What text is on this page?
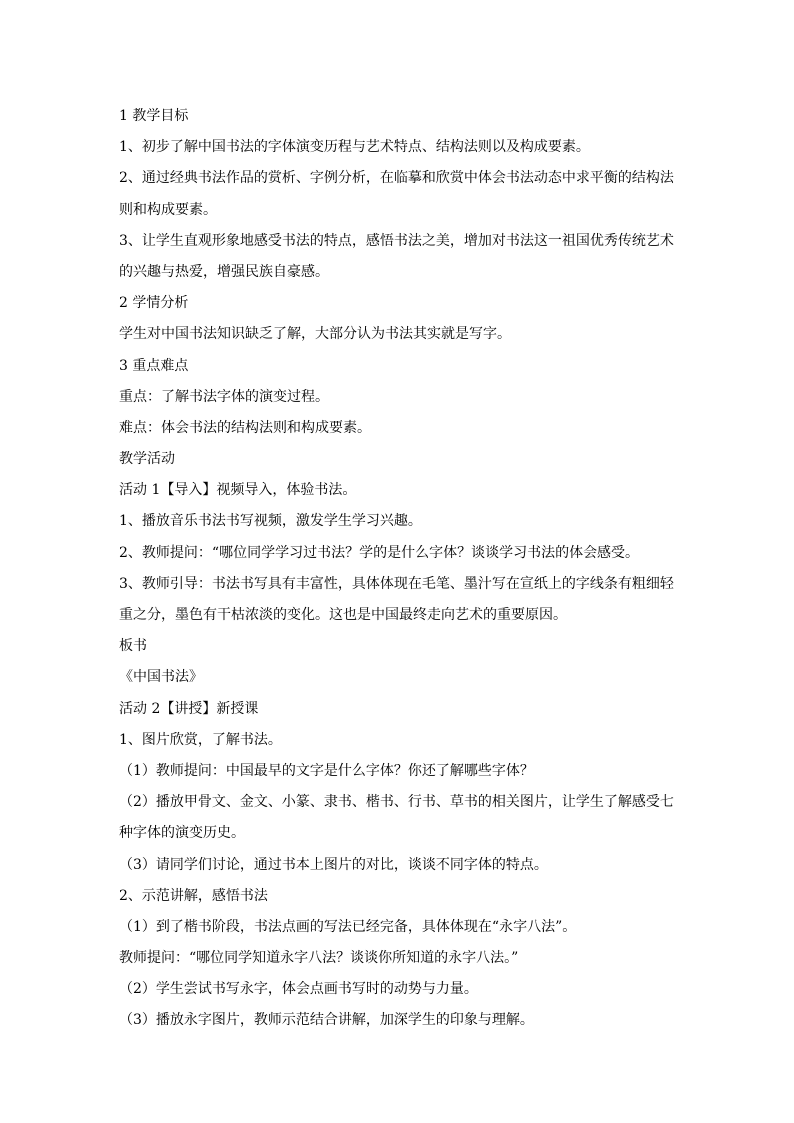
1 教学目标
1、初步了解中国书法的字体演变历程与艺术特点、结构法则以及构成要素。
2、通过经典书法作品的赏析、字例分析，在临摹和欣赏中体会书法动态中求平衡的结构法
则和构成要素。
3、让学生直观形象地感受书法的特点，感悟书法之美，增加对书法这一祖国优秀传统艺术
的兴趣与热爱，增强民族自豪感。
2 学情分析
学生对中国书法知识缺乏了解，大部分认为书法其实就是写字。
3 重点难点
重点：了解书法字体的演变过程。
难点：体会书法的结构法则和构成要素。
教学活动
活动 1【导入】视频导入，体验书法。
1、播放音乐书法书写视频，激发学生学习兴趣。
2、教师提问：“哪位同学学习过书法？学的是什么字体？谈谈学习书法的体会感受。
3、教师引导：书法书写具有丰富性，具体体现在毛笔、墨汁写在宣纸上的字线条有粗细轻
重之分，墨色有干枯浓淡的变化。这也是中国最终走向艺术的重要原因。
板书
《中国书法》
活动 2【讲授】新授课
1、图片欣赏，了解书法。
（1）教师提问：中国最早的文字是什么字体？你还了解哪些字体？
（2）播放甲骨文、金文、小篆、隶书、楷书、行书、草书的相关图片，让学生了解感受七
种字体的演变历史。
（3）请同学们讨论，通过书本上图片的对比，谈谈不同字体的特点。
2、示范讲解，感悟书法
（1）到了楷书阶段，书法点画的写法已经完备，具体体现在“永字八法”。
教师提问：“哪位同学知道永字八法？谈谈你所知道的永字八法。”
（2）学生尝试书写永字，体会点画书写时的动势与力量。
（3）播放永字图片，教师示范结合讲解，加深学生的印象与理解。
